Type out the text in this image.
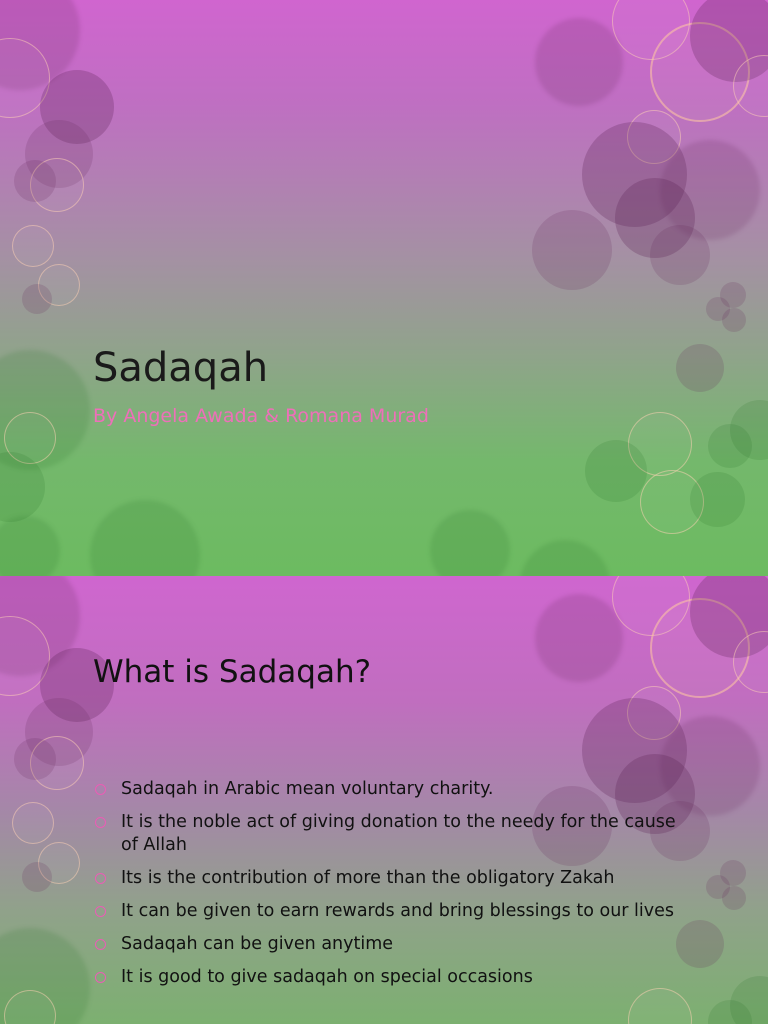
Sadaqah

By Angela Awada & Romana Murad

What is Sadaqah?
Sadaqah in Arabic mean voluntary charity.
It is the noble act of giving donation to the needy for the cause of Allah
Its is the contribution of more than the obligatory Zakah
It can be given to earn rewards and bring blessings to our lives
Sadaqah can be given anytime
It is good to give sadaqah on special occasions
